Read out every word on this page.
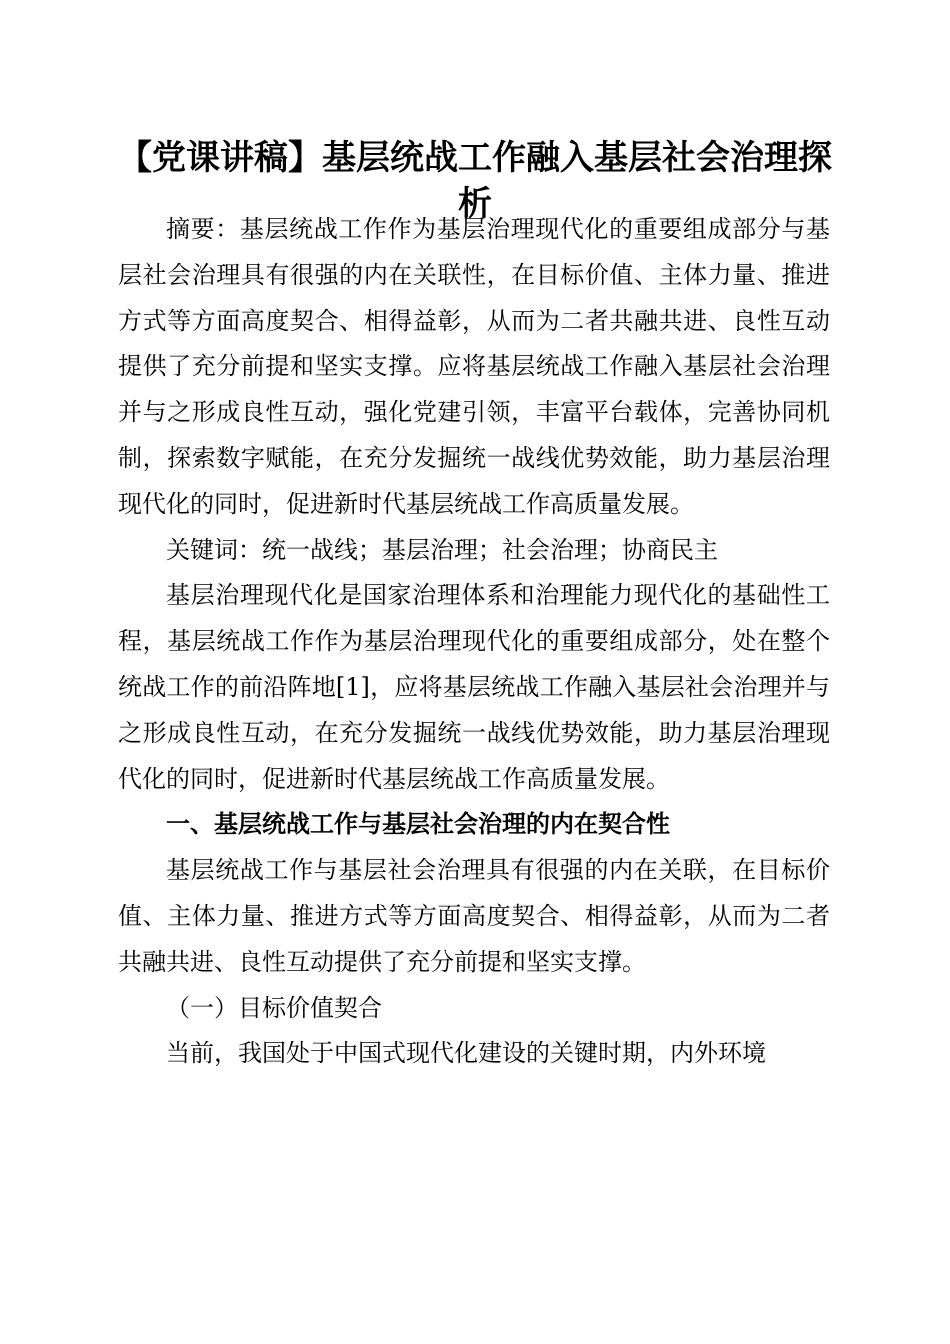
【党课讲稿】基层统战工作融入基层社会治理探析

摘要：基层统战工作作为基层治理现代化的重要组成部分与基层社会治理具有很强的内在关联性，在目标价值、主体力量、推进方式等方面高度契合、相得益彰，从而为二者共融共进、良性互动提供了充分前提和坚实支撑。应将基层统战工作融入基层社会治理并与之形成良性互动，强化党建引领，丰富平台载体，完善协同机制，探索数字赋能，在充分发掘统一战线优势效能，助力基层治理现代化的同时，促进新时代基层统战工作高质量发展。

关键词：统一战线；基层治理；社会治理；协商民主

基层治理现代化是国家治理体系和治理能力现代化的基础性工程，基层统战工作作为基层治理现代化的重要组成部分，处在整个统战工作的前沿阵地[1]，应将基层统战工作融入基层社会治理并与之形成良性互动，在充分发掘统一战线优势效能，助力基层治理现代化的同时，促进新时代基层统战工作高质量发展。

一、基层统战工作与基层社会治理的内在契合性

基层统战工作与基层社会治理具有很强的内在关联，在目标价值、主体力量、推进方式等方面高度契合、相得益彰，从而为二者共融共进、良性互动提供了充分前提和坚实支撑。

（一）目标价值契合

当前，我国处于中国式现代化建设的关键时期，内外环境
